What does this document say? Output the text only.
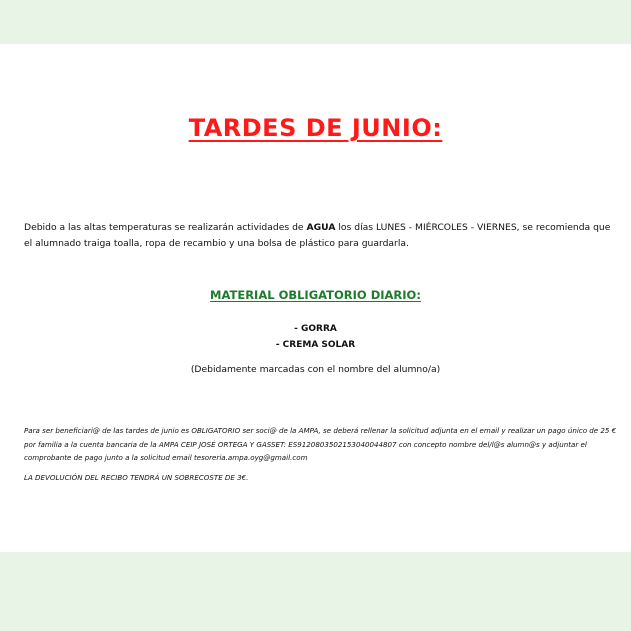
TARDES DE JUNIO:
Debido a las altas temperaturas se realizarán actividades de AGUA los días LUNES - MIÉRCOLES - VIERNES, se recomienda que el alumnado traiga toalla, ropa de recambio y una bolsa de plástico para guardarla.
MATERIAL OBLIGATORIO DIARIO:
- GORRA
- CREMA SOLAR
(Debidamente marcadas con el nombre del alumno/a)
Para ser beneficiari@ de las tardes de junio es OBLIGATORIO ser soci@ de la AMPA, se deberá rellenar la solicitud adjunta en el email y realizar un pago único de 25 € por familia a la cuenta bancaria de la AMPA CEIP JOSÉ ORTEGA Y GASSET: ES9120803502153040044807 con concepto nombre del/l@s alumn@s y adjuntar el comprobante de pago junto a la solicitud email tesoreria.ampa.oyg@gmail.com
LA DEVOLUCIÓN DEL RECIBO TENDRÁ UN SOBRECOSTE DE 3€.
